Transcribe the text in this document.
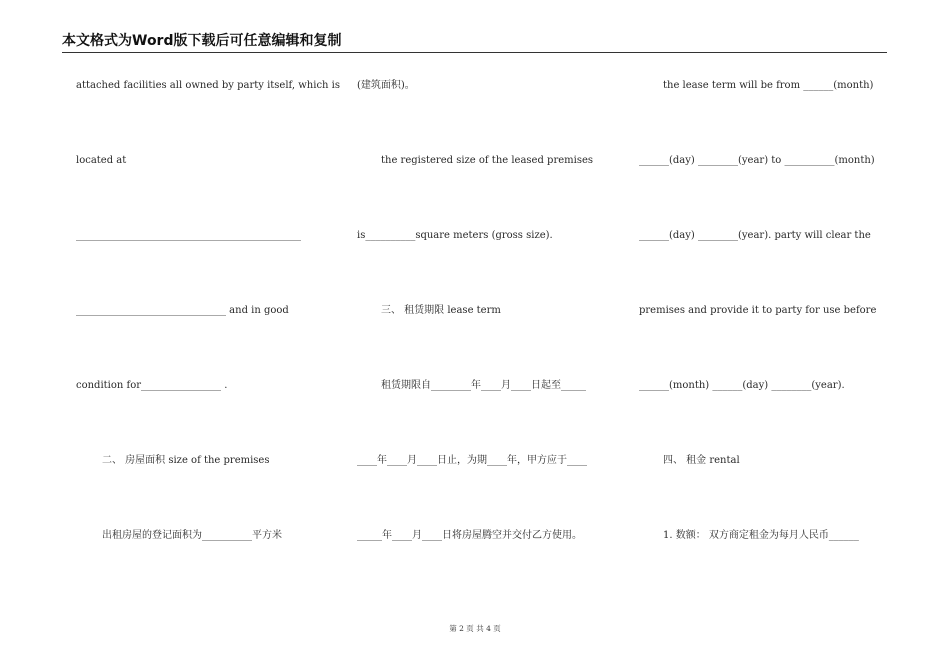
本文格式为Word版下载后可任意编辑和复制
attached facilities all owned by party itself, which is
located at
_____________________________________________
______________________________ and in good
condition for________________ .
二、 房屋面积 size of the premises
出租房屋的登记面积为__________平方米
(建筑面积)。
the registered size of the leased premises
is__________square meters (gross size).
三、 租赁期限 lease term
租赁期限自________年____月____日起至_____
____年____月____日止，为期____年，甲方应于____
_____年____月____日将房屋腾空并交付乙方使用。
the lease term will be from ______(month)
______(day) ________(year) to __________(month)
______(day) ________(year). party will clear the
premises and provide it to party for use before
______(month) ______(day) ________(year).
四、 租金 rental
1. 数额： 双方商定租金为每月人民币______
第 2 页 共 4 页
